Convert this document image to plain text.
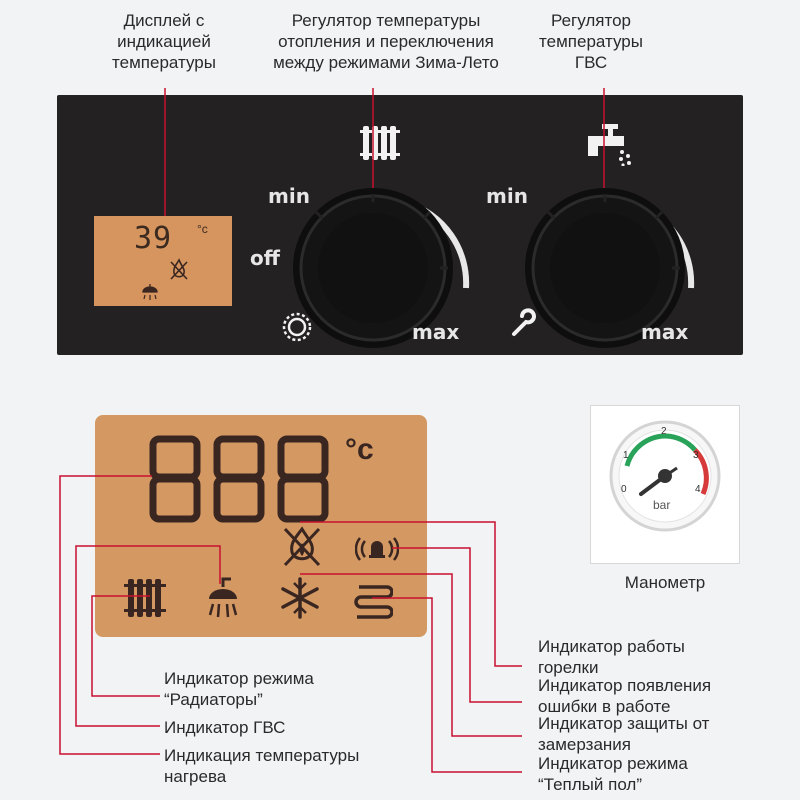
Дисплей с
индикацией
температуры
Регулятор температуры
отопления и переключения
между режимами Зима-Лето
Регулятор
температуры
ГВС
39 °c
min
off
max
min
max
°c
0
1
2
3
4
bar
Манометр
Индикатор режима
“Радиаторы”
Индикатор ГВС
Индикация температуры
нагрева
Индикатор работы
горелки
Индикатор появления
ошибки в работе
Индикатор защиты от
замерзания
Индикатор режима
“Теплый пол”
